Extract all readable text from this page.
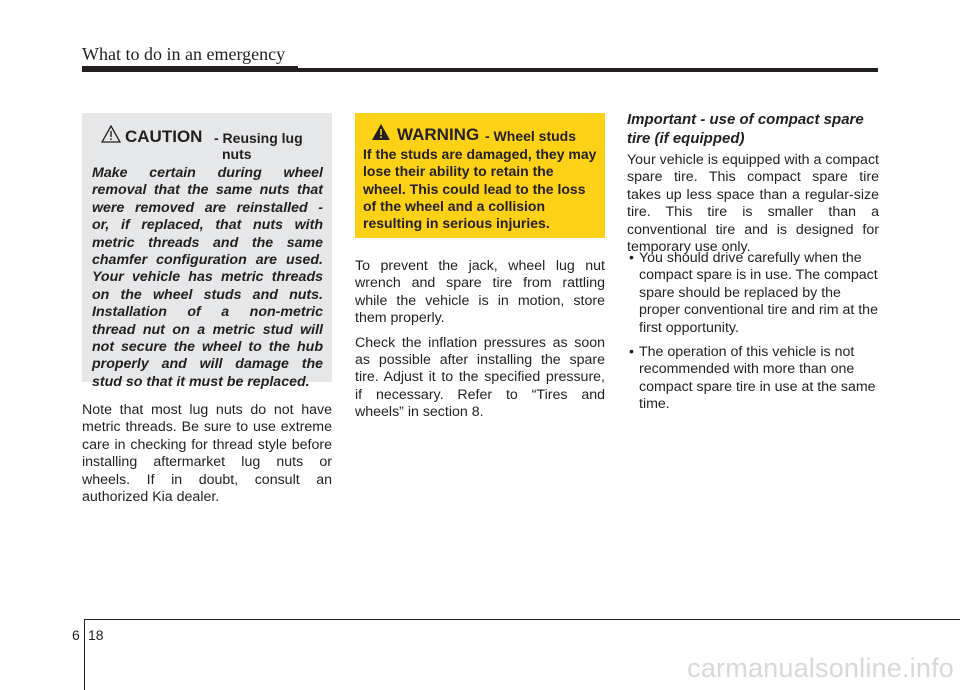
What to do in an emergency
CAUTION - Reusing lug
nuts
Make certain during wheel
removal that the same nuts that
were removed are reinstalled -
or, if replaced, that nuts with
metric threads and the same
chamfer configuration are used.
Your vehicle has metric threads
on the wheel studs and nuts.
Installation of a non-metric
thread nut on a metric stud will
not secure the wheel to the hub
properly and will damage the
stud so that it must be replaced.

Note that most lug nuts do not have metric threads. Be sure to use extreme care in checking for thread style before installing aftermarket lug nuts or wheels. If in doubt, consult an authorized Kia dealer.

WARNING - Wheel studs
If the studs are damaged, they may lose their ability to retain the wheel. This could lead to the loss of the wheel and a collision resulting in serious injuries.

To prevent the jack, wheel lug nut wrench and spare tire from rattling while the vehicle is in motion, store them properly.

Check the inflation pressures as soon as possible after installing the spare tire. Adjust it to the specified pressure, if necessary. Refer to “Tires and wheels” in section 8.

Important - use of compact spare tire (if equipped)

Your vehicle is equipped with a compact spare tire. This compact spare tire takes up less space than a regular-size tire. This tire is smaller than a conventional tire and is designed for temporary use only.

• You should drive carefully when the compact spare is in use. The compact spare should be replaced by the proper conventional tire and rim at the first opportunity.
• The operation of this vehicle is not recommended with more than one compact spare tire in use at the same time.
6 18
carmanualsonline.info
